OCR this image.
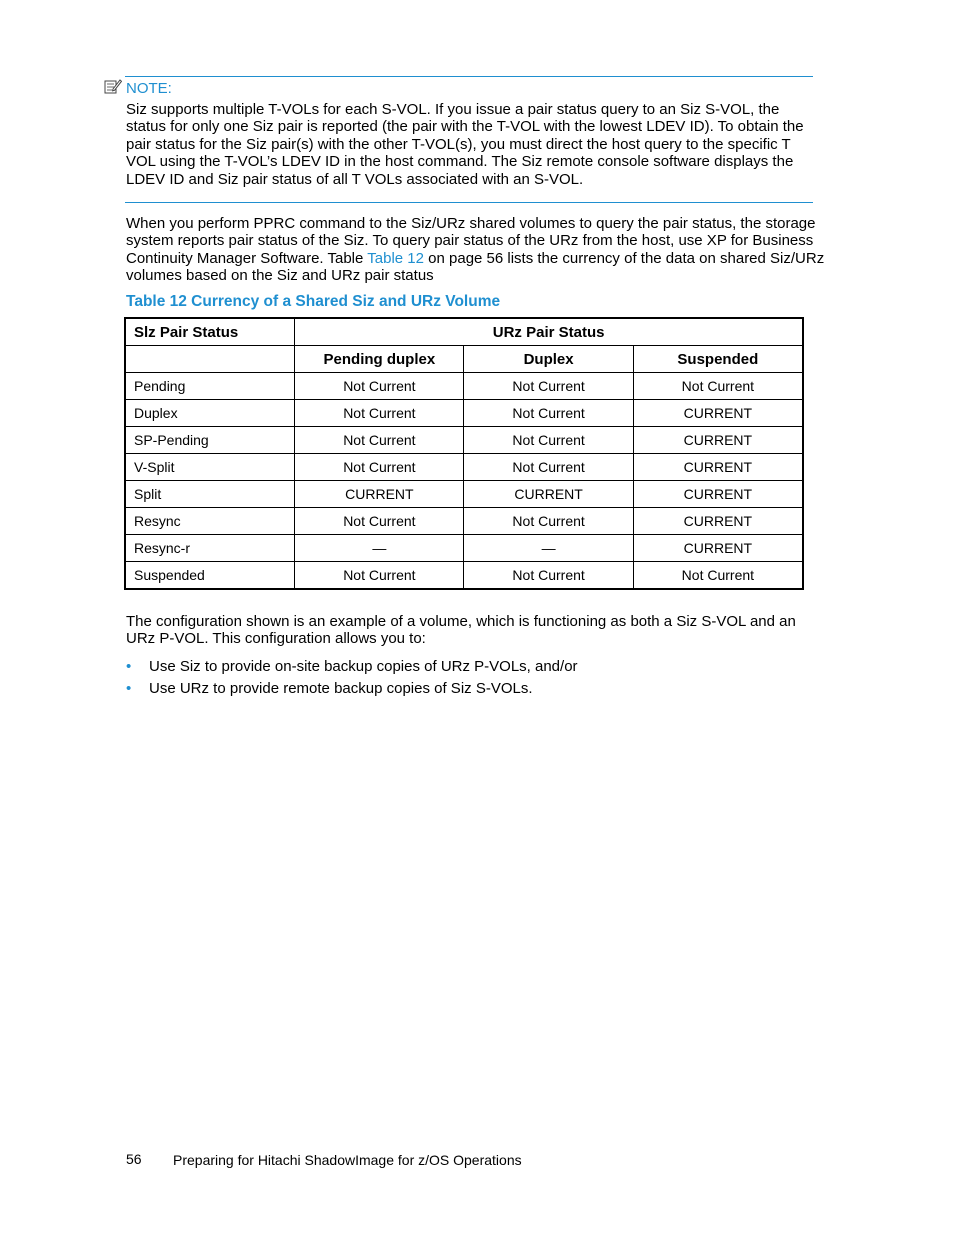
NOTE:
Siz supports multiple T-VOLs for each S-VOL. If you issue a pair status query to an Siz S-VOL, the status for only one Siz pair is reported (the pair with the T-VOL with the lowest LDEV ID). To obtain the pair status for the Siz pair(s) with the other T-VOL(s), you must direct the host query to the specific T VOL using the T-VOL’s LDEV ID in the host command. The Siz remote console software displays the LDEV ID and Siz pair status of all T VOLs associated with an S-VOL.
When you perform PPRC command to the Siz/URz shared volumes to query the pair status, the storage system reports pair status of the Siz. To query pair status of the URz from the host, use XP for Business Continuity Manager Software. Table Table 12 on page 56 lists the currency of the data on shared Siz/URz volumes based on the Siz and URz pair status
Table 12 Currency of a Shared Siz and URz Volume
Slz Pair Status	URz Pair Status		
	Pending duplex	Duplex	Suspended
Pending	Not Current	Not Current	Not Current
Duplex	Not Current	Not Current	CURRENT
SP-Pending	Not Current	Not Current	CURRENT
V-Split	Not Current	Not Current	CURRENT
Split	CURRENT	CURRENT	CURRENT
Resync	Not Current	Not Current	CURRENT
Resync-r	—	—	CURRENT
Suspended	Not Current	Not Current	Not Current
The configuration shown is an example of a volume, which is functioning as both a Siz S-VOL and an URz P-VOL. This configuration allows you to:
•	Use Siz to provide on-site backup copies of URz P-VOLs, and/or
•	Use URz to provide remote backup copies of Siz S-VOLs.
56 Preparing for Hitachi ShadowImage for z/OS Operations
